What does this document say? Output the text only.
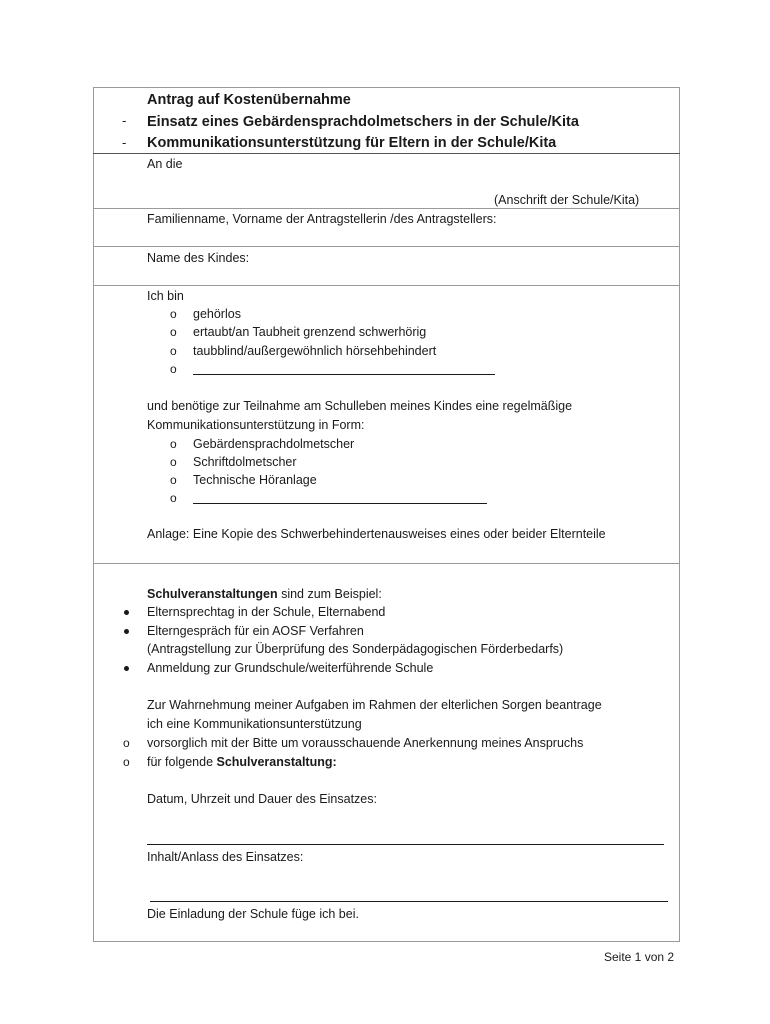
Antrag auf Kostenübernahme
- Einsatz eines Gebärdensprachdolmetschers in der Schule/Kita
- Kommunikationsunterstützung für Eltern in der Schule/Kita
An die
(Anschrift der Schule/Kita)
Familienname, Vorname der Antragstellerin /des Antragstellers:
Name des Kindes:
Ich bin
o gehörlos
o ertaubt/an Taubheit grenzend schwerhörig
o taubblind/außergewöhnlich hörsehbehindert
o
und benötige zur Teilnahme am Schulleben meines Kindes eine regelmäßige
Kommunikationsunterstützung in Form:
o Gebärdensprachdolmetscher
o Schriftdolmetscher
o Technische Höranlage
o
Anlage: Eine Kopie des Schwerbehindertenausweises eines oder beider Elternteile
Schulveranstaltungen sind zum Beispiel:
Elternsprechtag in der Schule, Elternabend
Elterngespräch für ein AOSF Verfahren
(Antragstellung zur Überprüfung des Sonderpädagogischen Förderbedarfs)
Anmeldung zur Grundschule/weiterführende Schule
Zur Wahrnehmung meiner Aufgaben im Rahmen der elterlichen Sorgen beantrage
ich eine Kommunikationsunterstützung
o vorsorglich mit der Bitte um vorausschauende Anerkennung meines Anspruchs
o für folgende Schulveranstaltung:
Datum, Uhrzeit und Dauer des Einsatzes:
Inhalt/Anlass des Einsatzes:
Die Einladung der Schule füge ich bei.
Seite 1 von 2
